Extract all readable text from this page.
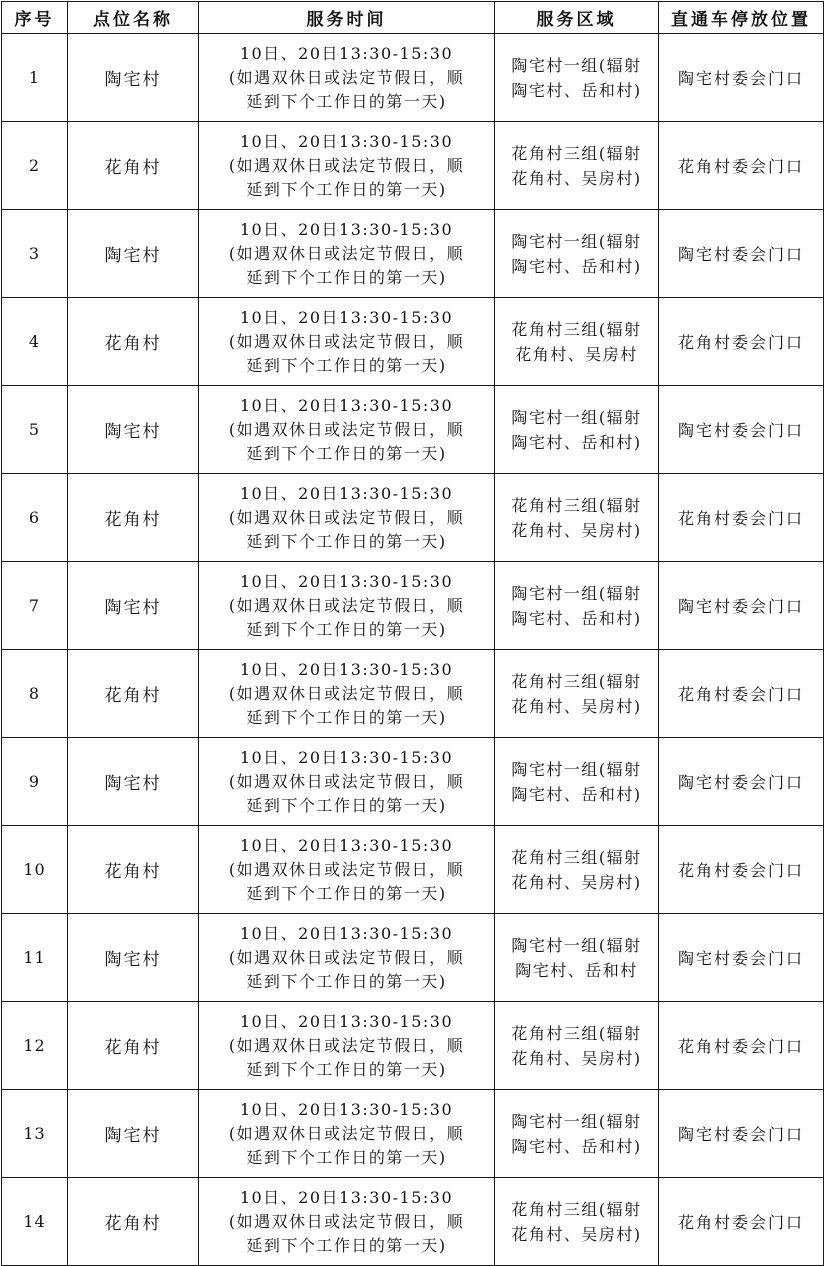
序号	点位名称	服务时间	服务区域	直通车停放位置
1	陶宅村	10日、20日13:30-15:30
(如遇双休日或法定节假日，顺
延到下个工作日的第一天)	陶宅村一组(辐射
陶宅村、岳和村)	陶宅村委会门口
2	花角村	10日、20日13:30-15:30
(如遇双休日或法定节假日，顺
延到下个工作日的第一天)	花角村三组(辐射
花角村、吴房村)	花角村委会门口
3	陶宅村	10日、20日13:30-15:30
(如遇双休日或法定节假日，顺
延到下个工作日的第一天)	陶宅村一组(辐射
陶宅村、岳和村)	陶宅村委会门口
4	花角村	10日、20日13:30-15:30
(如遇双休日或法定节假日，顺
延到下个工作日的第一天)	花角村三组(辐射
花角村、吴房村	花角村委会门口
5	陶宅村	10日、20日13:30-15:30
(如遇双休日或法定节假日，顺
延到下个工作日的第一天)	陶宅村一组(辐射
陶宅村、岳和村)	陶宅村委会门口
6	花角村	10日、20日13:30-15:30
(如遇双休日或法定节假日，顺
延到下个工作日的第一天)	花角村三组(辐射
花角村、吴房村)	花角村委会门口
7	陶宅村	10日、20日13:30-15:30
(如遇双休日或法定节假日，顺
延到下个工作日的第一天)	陶宅村一组(辐射
陶宅村、岳和村)	陶宅村委会门口
8	花角村	10日、20日13:30-15:30
(如遇双休日或法定节假日，顺
延到下个工作日的第一天)	花角村三组(辐射
花角村、吴房村)	花角村委会门口
9	陶宅村	10日、20日13:30-15:30
(如遇双休日或法定节假日，顺
延到下个工作日的第一天)	陶宅村一组(辐射
陶宅村、岳和村)	陶宅村委会门口
10	花角村	10日、20日13:30-15:30
(如遇双休日或法定节假日，顺
延到下个工作日的第一天)	花角村三组(辐射
花角村、吴房村)	花角村委会门口
11	陶宅村	10日、20日13:30-15:30
(如遇双休日或法定节假日，顺
延到下个工作日的第一天)	陶宅村一组(辐射
陶宅村、岳和村	陶宅村委会门口
12	花角村	10日、20日13:30-15:30
(如遇双休日或法定节假日，顺
延到下个工作日的第一天)	花角村三组(辐射
花角村、吴房村)	花角村委会门口
13	陶宅村	10日、20日13:30-15:30
(如遇双休日或法定节假日，顺
延到下个工作日的第一天)	陶宅村一组(辐射
陶宅村、岳和村)	陶宅村委会门口
14	花角村	10日、20日13:30-15:30
(如遇双休日或法定节假日，顺
延到下个工作日的第一天)	花角村三组(辐射
花角村、吴房村)	花角村委会门口
